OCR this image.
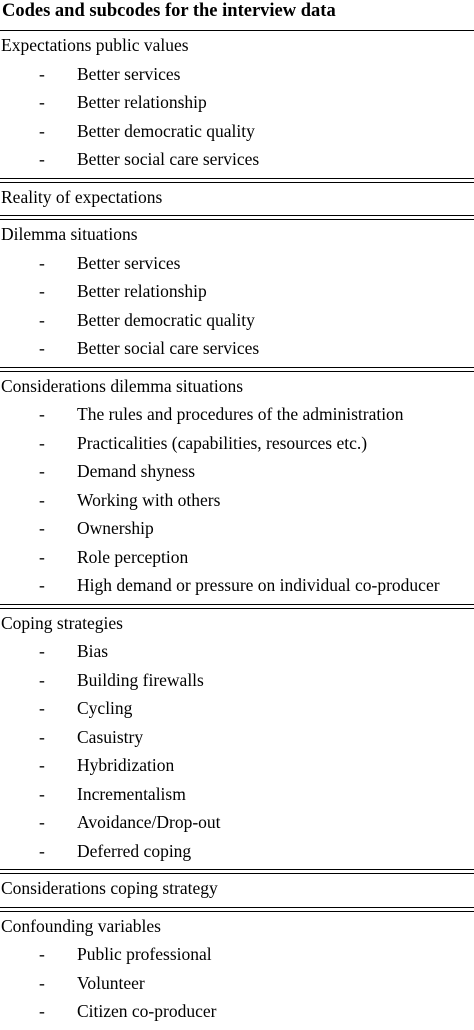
Codes and subcodes for the interview data
Expectations public values
- Better services
- Better relationship
- Better democratic quality
- Better social care services
Reality of expectations
Dilemma situations
- Better services
- Better relationship
- Better democratic quality
- Better social care services
Considerations dilemma situations
- The rules and procedures of the administration
- Practicalities (capabilities, resources etc.)
- Demand shyness
- Working with others
- Ownership
- Role perception
- High demand or pressure on individual co-producer
Coping strategies
- Bias
- Building firewalls
- Cycling
- Casuistry
- Hybridization
- Incrementalism
- Avoidance/Drop-out
- Deferred coping
Considerations coping strategy
Confounding variables
- Public professional
- Volunteer
- Citizen co-producer
